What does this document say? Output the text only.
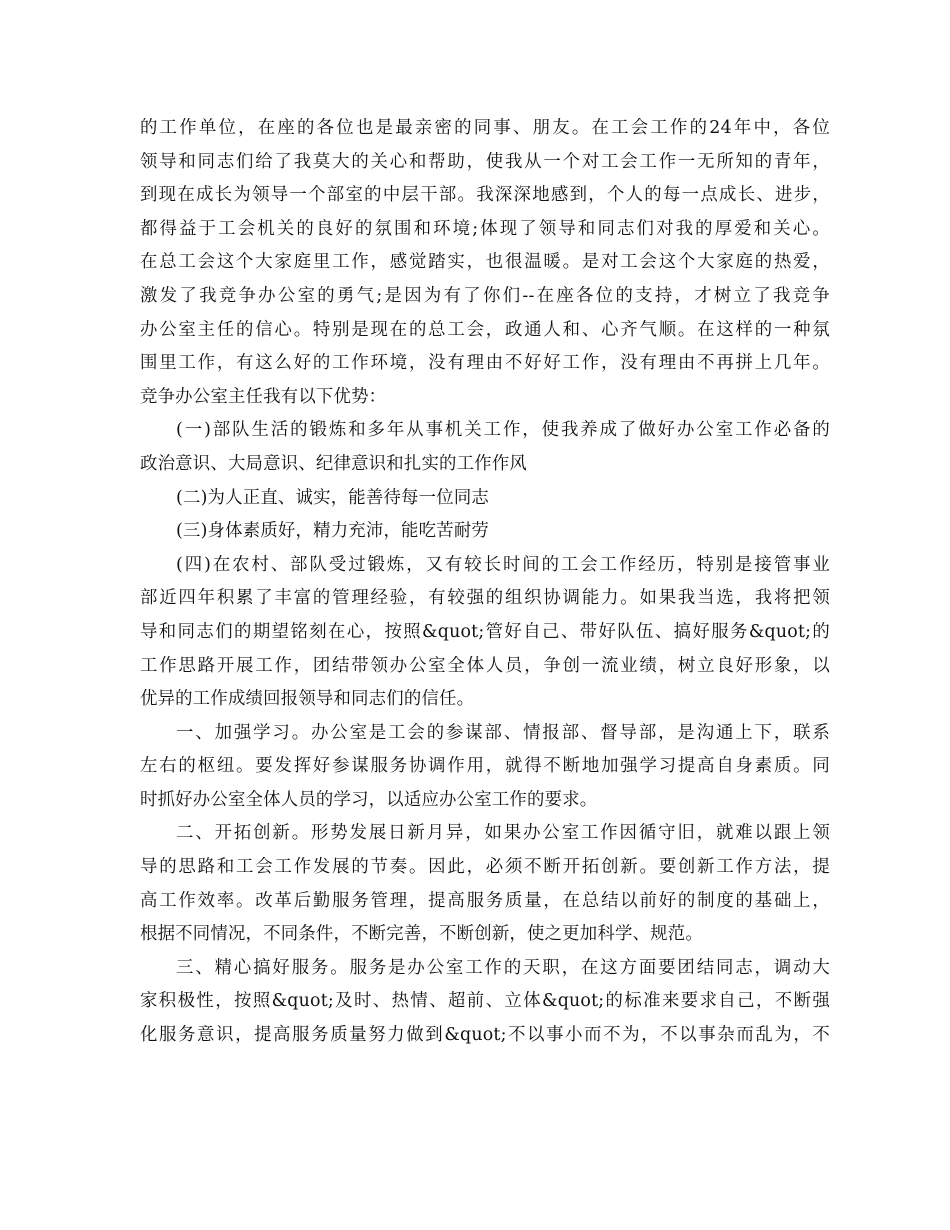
的工作单位，在座的各位也是最亲密的同事、朋友。在工会工作的24年中，各位
领导和同志们给了我莫大的关心和帮助，使我从一个对工会工作一无所知的青年，
到现在成长为领导一个部室的中层干部。我深深地感到，个人的每一点成长、进步，
都得益于工会机关的良好的氛围和环境;体现了领导和同志们对我的厚爱和关心。
在总工会这个大家庭里工作，感觉踏实，也很温暖。是对工会这个大家庭的热爱，
激发了我竞争办公室的勇气;是因为有了你们--在座各位的支持，才树立了我竞争
办公室主任的信心。特别是现在的总工会，政通人和、心齐气顺。在这样的一种氛
围里工作，有这么好的工作环境，没有理由不好好工作，没有理由不再拼上几年。
竞争办公室主任我有以下优势：
(一)部队生活的锻炼和多年从事机关工作，使我养成了做好办公室工作必备的
政治意识、大局意识、纪律意识和扎实的工作作风
(二)为人正直、诚实，能善待每一位同志
(三)身体素质好，精力充沛，能吃苦耐劳
(四)在农村、部队受过锻炼，又有较长时间的工会工作经历，特别是接管事业
部近四年积累了丰富的管理经验，有较强的组织协调能力。如果我当选，我将把领
导和同志们的期望铭刻在心，按照&quot;管好自己、带好队伍、搞好服务&quot;的
工作思路开展工作，团结带领办公室全体人员，争创一流业绩，树立良好形象，以
优异的工作成绩回报领导和同志们的信任。
一、加强学习。办公室是工会的参谋部、情报部、督导部，是沟通上下，联系
左右的枢纽。要发挥好参谋服务协调作用，就得不断地加强学习提高自身素质。同
时抓好办公室全体人员的学习，以适应办公室工作的要求。
二、开拓创新。形势发展日新月异，如果办公室工作因循守旧，就难以跟上领
导的思路和工会工作发展的节奏。因此，必须不断开拓创新。要创新工作方法，提
高工作效率。改革后勤服务管理，提高服务质量，在总结以前好的制度的基础上，
根据不同情况，不同条件，不断完善，不断创新，使之更加科学、规范。
三、精心搞好服务。服务是办公室工作的天职，在这方面要团结同志，调动大
家积极性，按照&quot;及时、热情、超前、立体&quot;的标准来要求自己，不断强
化服务意识，提高服务质量努力做到&quot;不以事小而不为，不以事杂而乱为，不
